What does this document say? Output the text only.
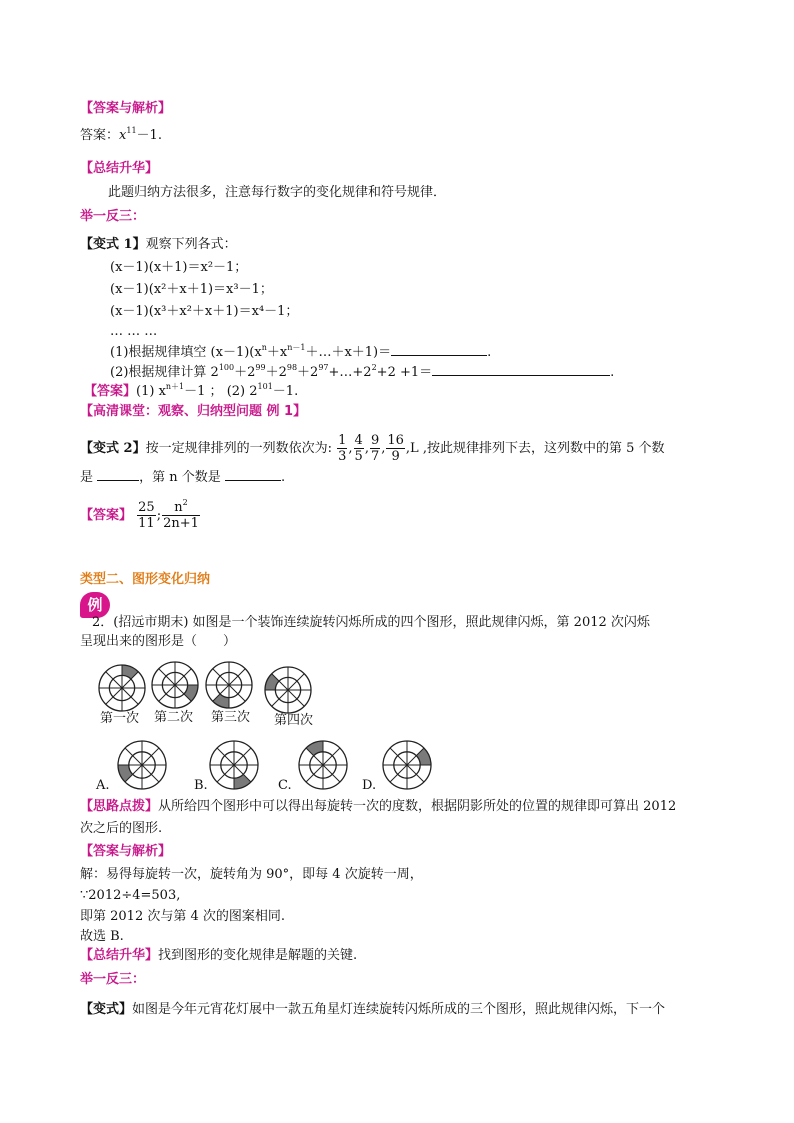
【答案与解析】
答案：$x^{11}-1$.
【总结升华】
此题归纳方法很多，注意每行数字的变化规律和符号规律．
举一反三：
【变式 1】观察下列各式：
(x－1)(x＋1)＝x²－1；
(x－1)(x²＋x＋1)＝x³－1；
(x－1)(x³＋x²＋x＋1)＝x⁴－1；
… … …
(1)根据规律填空 $(x-1)(x^n+x^{n-1}+\dots+x+1)=$	.
(2)根据规律计算 $2^{100}+2^{99}+2^{98}+2^{97}+\dots+2^2+2 +1=$	.
【答案】(1) $x^{n+1}-1$ ； (2) $2^{101}-1$.
【高清课堂：观察、归纳型问题 例 1】
【变式 2】按一定规律排列的一列数依次为: $\frac{1}{3}$ , $\frac{4}{5}$ , $\frac{9}{7}$ , $\frac{16}{9} ,L$ ,按此规律排列下去，这列数中的第 5 个数
是	，第 n 个数是	.
【答案】 $\frac{25}{11}$ ; $\frac{n^2}{2n+1}$
类型二、图形变化归纳
例
2．(招远市期末) 如图是一个装饰连续旋转闪烁所成的四个图形，照此规律闪烁，第 2012 次闪烁
呈现出来的图形是（　　）
第一次 第二次 第三次 第四次
A.	B.	C.	D.
【思路点拨】从所给四个图形中可以得出每旋转一次的度数，根据阴影所处的位置的规律即可算出 2012
次之后的图形.
【答案与解析】
解：易得每旋转一次，旋转角为 90°，即每 4 次旋转一周，
∵2012÷4=503,
即第 2012 次与第 4 次的图案相同.
故选 B.
【总结升华】找到图形的变化规律是解题的关键.
举一反三：
【变式】如图是今年元宵花灯展中一款五角星灯连续旋转闪烁所成的三个图形，照此规律闪烁，下一个
